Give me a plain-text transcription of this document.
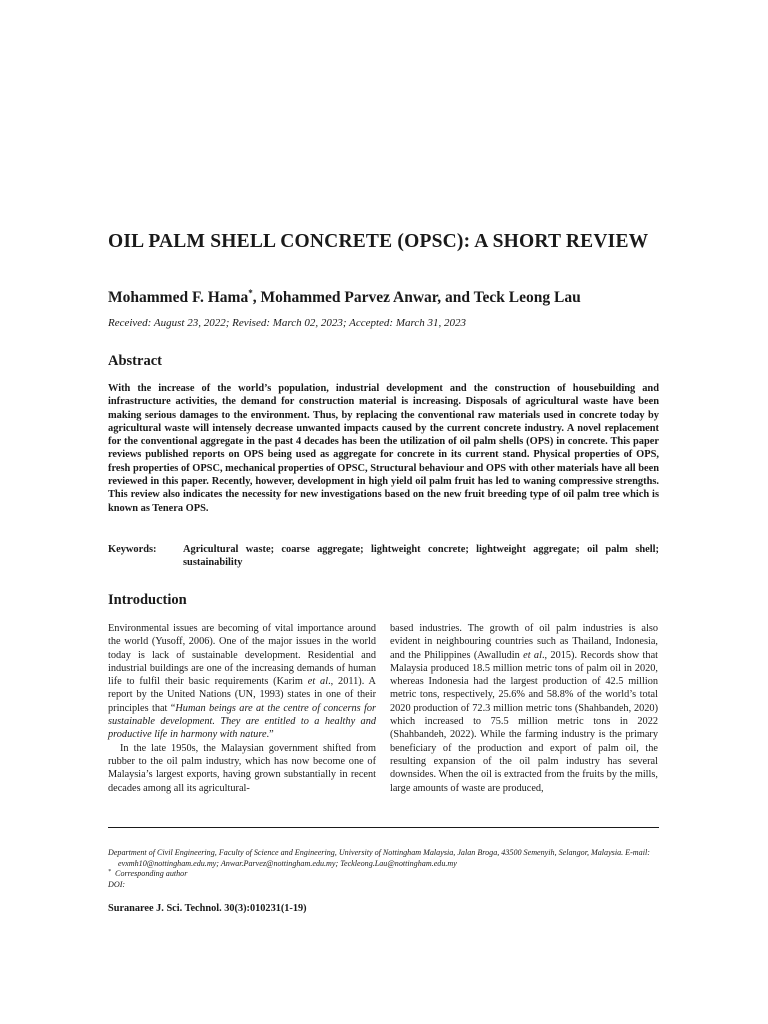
OIL PALM SHELL CONCRETE (OPSC): A SHORT REVIEW
Mohammed F. Hama*, Mohammed Parvez Anwar, and Teck Leong Lau
Received: August 23, 2022; Revised: March 02, 2023; Accepted: March 31, 2023
Abstract

With the increase of the world’s population, industrial development and the construction of housebuilding and infrastructure activities, the demand for construction material is increasing. Disposals of agricultural waste have been making serious damages to the environment. Thus, by replacing the conventional raw materials used in concrete today by agricultural waste will intensely decrease unwanted impacts caused by the current concrete industry. A novel replacement for the conventional aggregate in the past 4 decades has been the utilization of oil palm shells (OPS) in concrete. This paper reviews published reports on OPS being used as aggregate for concrete in its current stand. Physical properties of OPS, fresh properties of OPSC, mechanical properties of OPSC, Structural behaviour and OPS with other materials have all been reviewed in this paper. Recently, however, development in high yield oil palm fruit has led to waning compressive strengths. This review also indicates the necessity for new investigations based on the new fruit breeding type of oil palm tree which is known as Tenera OPS.

Keywords:	Agricultural waste; coarse aggregate; lightweight concrete; lightweight aggregate; oil palm shell; sustainability
Introduction

Environmental issues are becoming of vital importance around the world (Yusoff, 2006). One of the major issues in the world today is lack of sustainable development. Residential and industrial buildings are one of the increasing demands of human life to fulfil their basic requirements (Karim et al., 2011). A report by the United Nations (UN, 1993) states in one of their principles that “Human beings are at the centre of concerns for sustainable development. They are entitled to a healthy and productive life in harmony with nature.”

In the late 1950s, the Malaysian government shifted from rubber to the oil palm industry, which has now become one of Malaysia’s largest exports, having grown substantially in recent decades among all its agricultural-

based industries. The growth of oil palm industries is also evident in neighbouring countries such as Thailand, Indonesia, and the Philippines (Awalludin et al., 2015). Records show that Malaysia produced 18.5 million metric tons of palm oil in 2020, whereas Indonesia had the largest production of 42.5 million metric tons, respectively, 25.6% and 58.8% of the world’s total 2020 production of 72.3 million metric tons (Shahbandeh, 2020) which increased to 75.5 million metric tons in 2022 (Shahbandeh, 2022). While the farming industry is the primary beneficiary of the production and export of palm oil, the resulting expansion of the oil palm industry has several downsides. When the oil is extracted from the fruits by the mills, large amounts of waste are produced,

Department of Civil Engineering, Faculty of Science and Engineering, University of Nottingham Malaysia, Jalan Broga, 43500 Semenyih, Selangor, Malaysia. E-mail: evxmh10@nottingham.edu.my; Anwar.Parvez@nottingham.edu.my; Teckleong.Lau@nottingham.edu.my

* Corresponding author

DOI:

Suranaree J. Sci. Technol. 30(3):010231(1-19)
